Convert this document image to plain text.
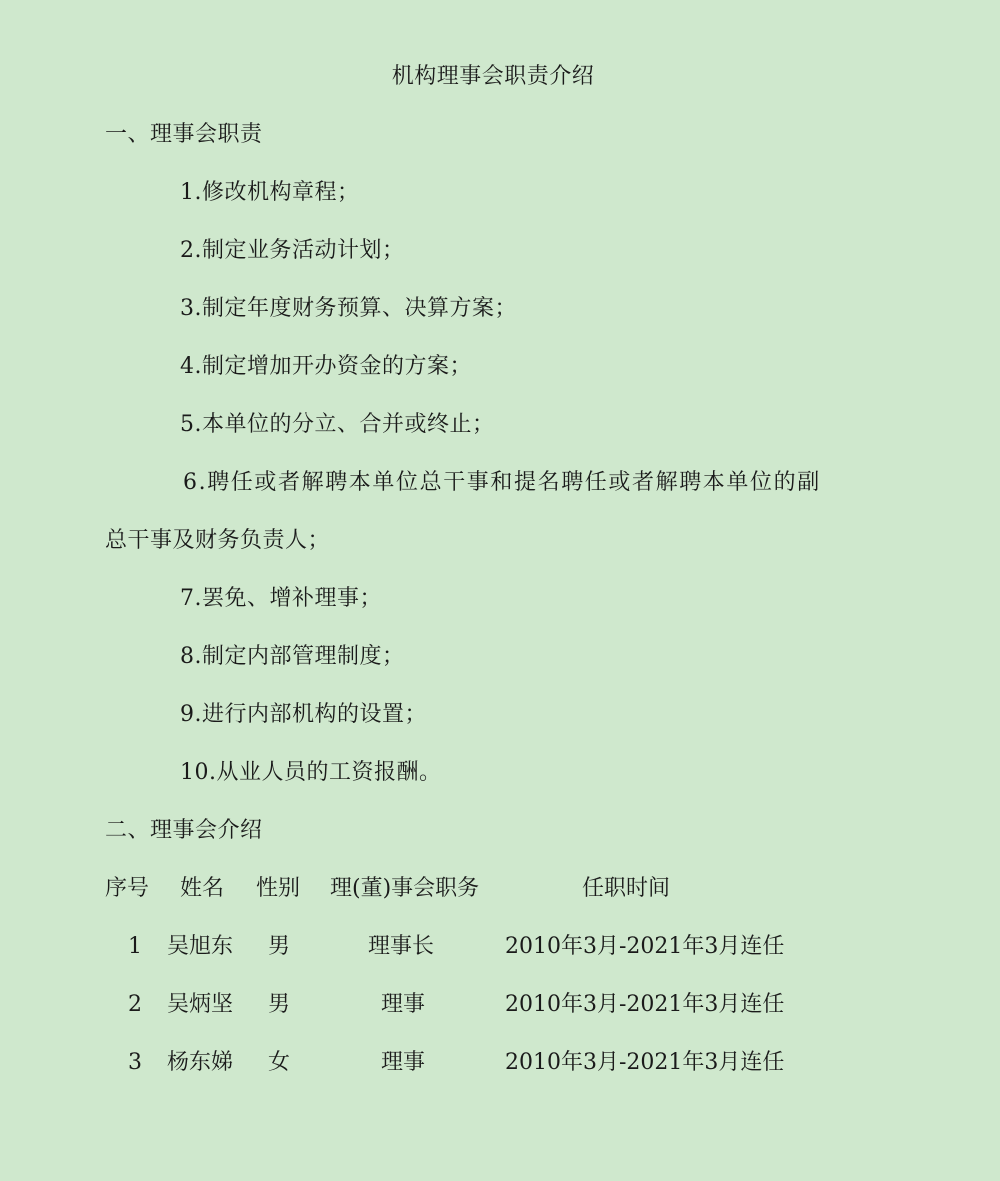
机构理事会职责介绍
一、理事会职责
1.修改机构章程；
2.制定业务活动计划；
3.制定年度财务预算、决算方案；
4.制定增加开办资金的方案；
5.本单位的分立、合并或终止；
6.聘任或者解聘本单位总干事和提名聘任或者解聘本单位的副
总干事及财务负责人；
7.罢免、增补理事；
8.制定内部管理制度；
9.进行内部机构的设置；
10.从业人员的工资报酬。
二、理事会介绍
序号 姓名 性别 理(董)事会职务	任职时间
1 吴旭东 男	理事长	2010年3月-2021年3月连任
2 吴炳坚 男	理事	2010年3月-2021年3月连任
3 杨东娣 女	理事	2010年3月-2021年3月连任
